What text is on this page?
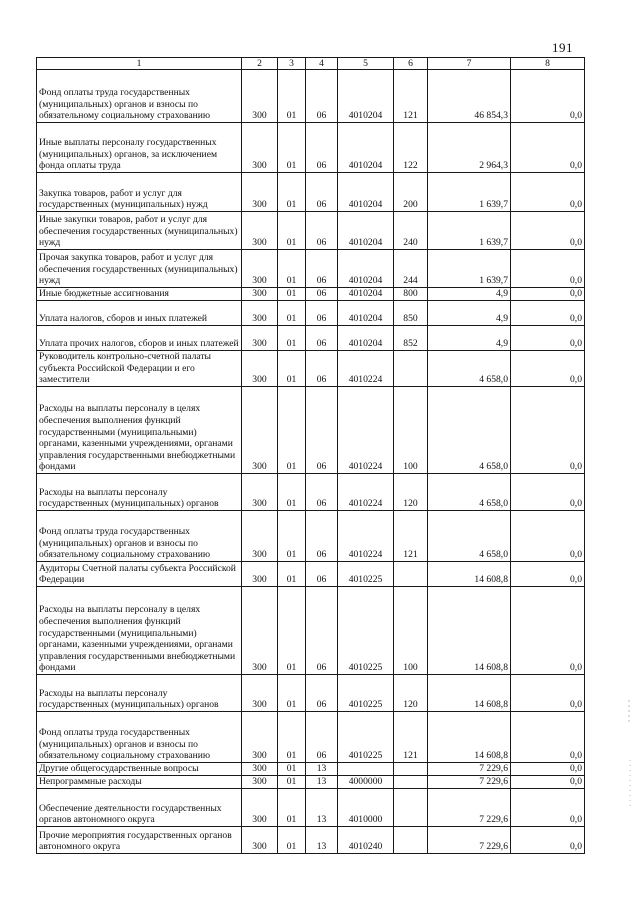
191
1	2	3	4	5	6	7	8
Фонд оплаты труда государственных (муниципальных) органов и взносы по обязательному социальному страхованию	300	01	06	4010204	121	46 854,3	0,0
Иные выплаты персоналу государственных (муниципальных) органов, за исключением фонда оплаты труда	300	01	06	4010204	122	2 964,3	0,0
Закупка товаров, работ и услуг для государственных (муниципальных) нужд	300	01	06	4010204	200	1 639,7	0,0
Иные закупки товаров, работ и услуг для обеспечения государственных (муниципальных) нужд	300	01	06	4010204	240	1 639,7	0,0
Прочая закупка товаров, работ и услуг для обеспечения государственных (муниципальных) нужд	300	01	06	4010204	244	1 639,7	0,0
Иные бюджетные ассигнования	300	01	06	4010204	800	4,9	0,0
Уплата налогов, сборов и иных платежей	300	01	06	4010204	850	4,9	0,0
Уплата прочих налогов, сборов и иных платежей	300	01	06	4010204	852	4,9	0,0
Руководитель контрольно-счетной палаты субъекта Российской Федерации и его заместители	300	01	06	4010224		4 658,0	0,0
Расходы на выплаты персоналу в целях обеспечения выполнения функций государственными (муниципальными) органами, казенными учреждениями, органами управления государственными внебюджетными фондами	300	01	06	4010224	100	4 658,0	0,0
Расходы на выплаты персоналу государственных (муниципальных) органов	300	01	06	4010224	120	4 658,0	0,0
Фонд оплаты труда государственных (муниципальных) органов и взносы по обязательному социальному страхованию	300	01	06	4010224	121	4 658,0	0,0
Аудиторы Счетной палаты субъекта Российской Федерации	300	01	06	4010225		14 608,8	0,0
Расходы на выплаты персоналу в целях обеспечения выполнения функций государственными (муниципальными) органами, казенными учреждениями, органами управления государственными внебюджетными фондами	300	01	06	4010225	100	14 608,8	0,0
Расходы на выплаты персоналу государственных (муниципальных) органов	300	01	06	4010225	120	14 608,8	0,0
Фонд оплаты труда государственных (муниципальных) органов и взносы по обязательному социальному страхованию	300	01	06	4010225	121	14 608,8	0,0
Другие общегосударственные вопросы	300	01	13			7 229,6	0,0
Непрограммные расходы	300	01	13	4000000		7 229,6	0,0
Обеспечение деятельности государственных органов автономного округа	300	01	13	4010000		7 229,6	0,0
Прочие мероприятия государственных органов автономного округа	300	01	13	4010240		7 229,6	0,0
